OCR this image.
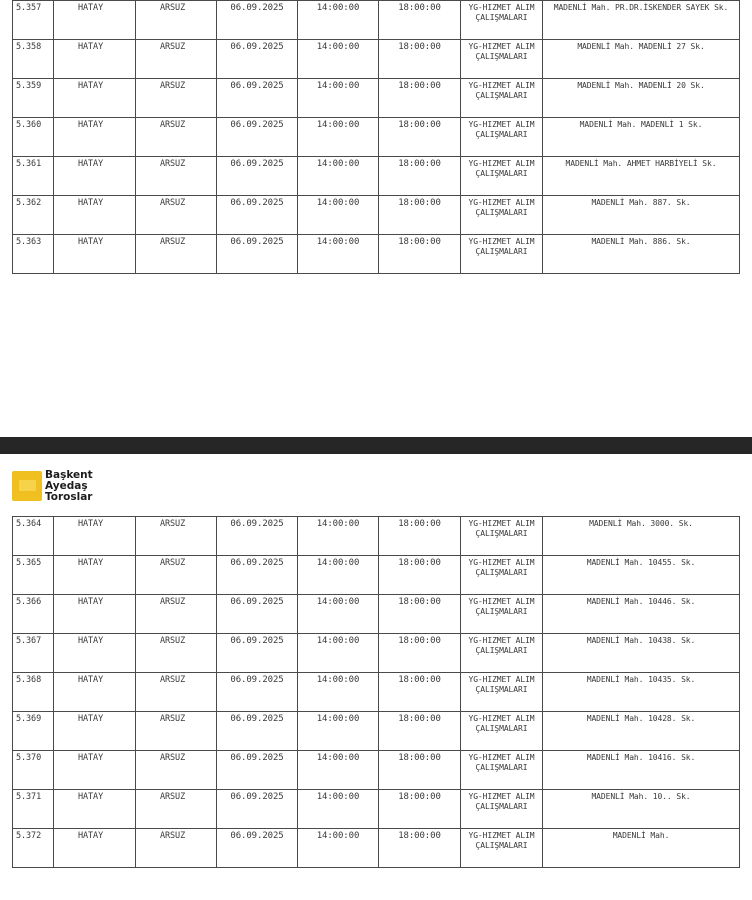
5.357	HATAY	ARSUZ	06.09.2025	14:00:00	18:00:00	YG-HIZMET ALIM ÇALIŞMALARI	MADENLİ Mah. PR.DR.İSKENDER SAYEK Sk.
5.358	HATAY	ARSUZ	06.09.2025	14:00:00	18:00:00	YG-HIZMET ALIM ÇALIŞMALARI	MADENLİ Mah. MADENLİ 27 Sk.
5.359	HATAY	ARSUZ	06.09.2025	14:00:00	18:00:00	YG-HIZMET ALIM ÇALIŞMALARI	MADENLİ Mah. MADENLİ 20 Sk.
5.360	HATAY	ARSUZ	06.09.2025	14:00:00	18:00:00	YG-HIZMET ALIM ÇALIŞMALARI	MADENLİ Mah. MADENLİ 1 Sk.
5.361	HATAY	ARSUZ	06.09.2025	14:00:00	18:00:00	YG-HIZMET ALIM ÇALIŞMALARI	MADENLİ Mah. AHMET HARBİYELİ Sk.
5.362	HATAY	ARSUZ	06.09.2025	14:00:00	18:00:00	YG-HIZMET ALIM ÇALIŞMALARI	MADENLİ Mah. 887. Sk.
5.363	HATAY	ARSUZ	06.09.2025	14:00:00	18:00:00	YG-HIZMET ALIM ÇALIŞMALARI	MADENLİ Mah. 886. Sk.
Başkent
Ayedaş
Toroslar
5.364	HATAY	ARSUZ	06.09.2025	14:00:00	18:00:00	YG-HIZMET ALIM ÇALIŞMALARI	MADENLİ Mah. 3000. Sk.
5.365	HATAY	ARSUZ	06.09.2025	14:00:00	18:00:00	YG-HIZMET ALIM ÇALIŞMALARI	MADENLİ Mah. 10455. Sk.
5.366	HATAY	ARSUZ	06.09.2025	14:00:00	18:00:00	YG-HIZMET ALIM ÇALIŞMALARI	MADENLİ Mah. 10446. Sk.
5.367	HATAY	ARSUZ	06.09.2025	14:00:00	18:00:00	YG-HIZMET ALIM ÇALIŞMALARI	MADENLİ Mah. 10438. Sk.
5.368	HATAY	ARSUZ	06.09.2025	14:00:00	18:00:00	YG-HIZMET ALIM ÇALIŞMALARI	MADENLİ Mah. 10435. Sk.
5.369	HATAY	ARSUZ	06.09.2025	14:00:00	18:00:00	YG-HIZMET ALIM ÇALIŞMALARI	MADENLİ Mah. 10428. Sk.
5.370	HATAY	ARSUZ	06.09.2025	14:00:00	18:00:00	YG-HIZMET ALIM ÇALIŞMALARI	MADENLİ Mah. 10416. Sk.
5.371	HATAY	ARSUZ	06.09.2025	14:00:00	18:00:00	YG-HIZMET ALIM ÇALIŞMALARI	MADENLİ Mah. 10.. Sk.
5.372	HATAY	ARSUZ	06.09.2025	14:00:00	18:00:00	YG-HIZMET ALIM ÇALIŞMALARI	MADENLİ Mah.
